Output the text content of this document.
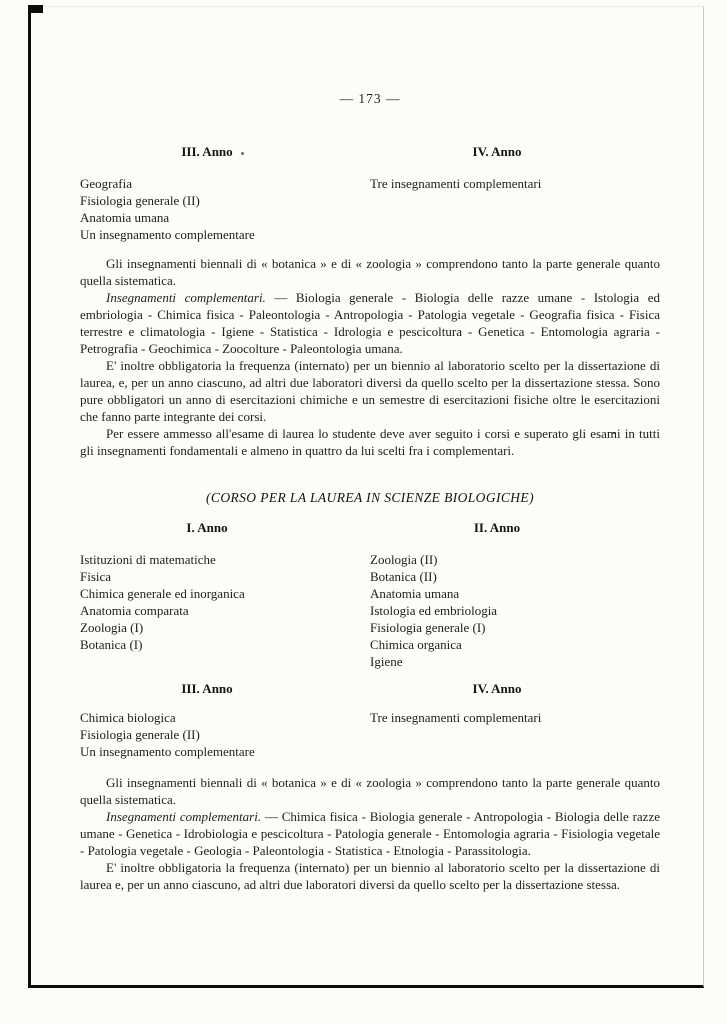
— 173 —
III. Anno
Geografia
Fisiologia generale (II)
Anatomia umana
Un insegnamento complementare
IV. Anno
Tre insegnamenti complementari

Gli insegnamenti biennali di « botanica » e di « zoologia » comprendono tanto la parte generale quanto quella sistematica.

Insegnamenti complementari. — Biologia generale - Biologia delle razze umane - Istologia ed embriologia - Chimica fisica - Paleontologia - Antropologia - Patologia vegetale - Geografia fisica - Fisica terrestre e climatologia - Igiene - Statistica - Idrologia e pescicoltura - Genetica - Entomologia agraria - Petrografia - Geochimica - Zoocolture - Paleontologia umana.

E' inoltre obbligatoria la frequenza (internato) per un biennio al laboratorio scelto per la dissertazione di laurea, e, per un anno ciascuno, ad altri due laboratori diversi da quello scelto per la dissertazione stessa. Sono pure obbligatori un anno di esercitazioni chimiche e un semestre di esercitazioni fisiche oltre le esercitazioni che fanno parte integrante dei corsi.

Per essere ammesso all'esame di laurea lo studente deve aver seguito i corsi e superato gli esami in tutti gli insegnamenti fondamentali e almeno in quattro da lui scelti fra i complementari.

(CORSO PER LA LAUREA IN SCIENZE BIOLOGICHE)
I. Anno
Istituzioni di matematiche
Fisica
Chimica generale ed inorganica
Anatomia comparata
Zoologia (I)
Botanica (I)
II. Anno
Zoologia (II)
Botanica (II)
Anatomia umana
Istologia ed embriologia
Fisiologia generale (I)
Chimica organica
Igiene
III. Anno
Chimica biologica
Fisiologia generale (II)
Un insegnamento complementare
IV. Anno
Tre insegnamenti complementari

Gli insegnamenti biennali di « botanica » e di « zoologia » comprendono tanto la parte generale quanto quella sistematica.

Insegnamenti complementari. — Chimica fisica - Biologia generale - Antropologia - Biologia delle razze umane - Genetica - Idrobiologia e pescicoltura - Patologia generale - Entomologia agraria - Fisiologia vegetale - Patologia vegetale - Geologia - Paleontologia - Statistica - Etnologia - Parassitologia.

E' inoltre obbligatoria la frequenza (internato) per un biennio al laboratorio scelto per la dissertazione di laurea e, per un anno ciascuno, ad altri due laboratori diversi da quello scelto per la dissertazione stessa.
